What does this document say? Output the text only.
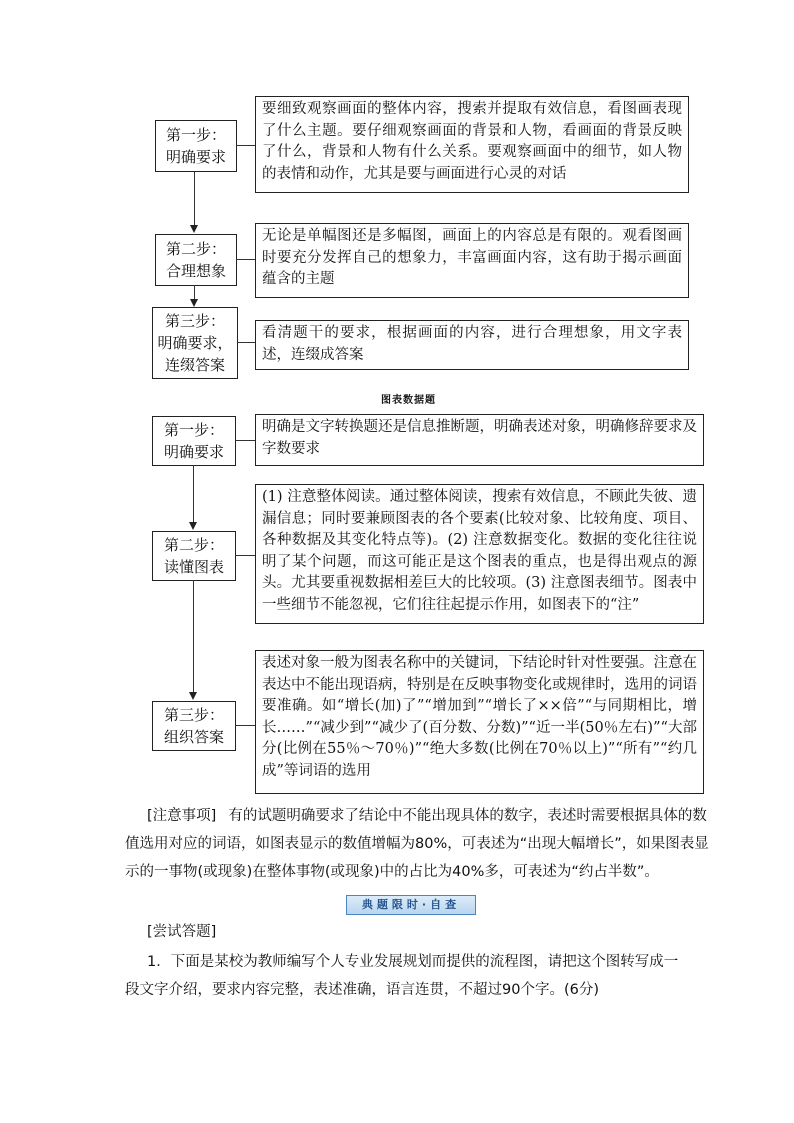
第一步：
明确要求
要细致观察画面的整体内容，搜索并提取有效信息，看图画表现了什么主题。要仔细观察画面的背景和人物，看画面的背景反映了什么，背景和人物有什么关系。要观察画面中的细节，如人物的表情和动作，尤其是要与画面进行心灵的对话
第二步：
合理想象
无论是单幅图还是多幅图，画面上的内容总是有限的。观看图画时要充分发挥自己的想象力，丰富画面内容，这有助于揭示画面蕴含的主题
第三步：
明确要求，
连缀答案
看清题干的要求，根据画面的内容，进行合理想象，用文字表述，连缀成答案
图表数据题
第一步：
明确要求
明确是文字转换题还是信息推断题，明确表述对象，明确修辞要求及字数要求
第二步：
读懂图表
(1) 注意整体阅读。通过整体阅读，搜索有效信息，不顾此失彼、遗漏信息；同时要兼顾图表的各个要素(比较对象、比较角度、项目、各种数据及其变化特点等)。(2) 注意数据变化。数据的变化往往说明了某个问题，而这可能正是这个图表的重点，也是得出观点的源头。尤其要重视数据相差巨大的比较项。(3) 注意图表细节。图表中一些细节不能忽视，它们往往起提示作用，如图表下的“注”
第三步：
组织答案
表述对象一般为图表名称中的关键词，下结论时针对性要强。注意在表达中不能出现语病，特别是在反映事物变化或规律时，选用的词语要准确。如“增长(加)了”“增加到”“增长了××倍”“与同期相比，增长……”“减少到”“减少了(百分数、分数)”“近一半(50％左右)”“大部分(比例在55％～70％)”“绝大多数(比例在70％以上)”“所有”“约几成”等词语的选用
[注意事项] 有的试题明确要求了结论中不能出现具体的数字，表述时需要根据具体的数值选用对应的词语，如图表显示的数值增幅为80%，可表述为“出现大幅增长”，如果图表显示的一事物(或现象)在整体事物(或现象)中的占比为40%多，可表述为“约占半数”。
典题限时·自查
[尝试答题]
1．下面是某校为教师编写个人专业发展规划而提供的流程图，请把这个图转写成一段文字介绍，要求内容完整，表述准确，语言连贯，不超过90个字。(6分)
